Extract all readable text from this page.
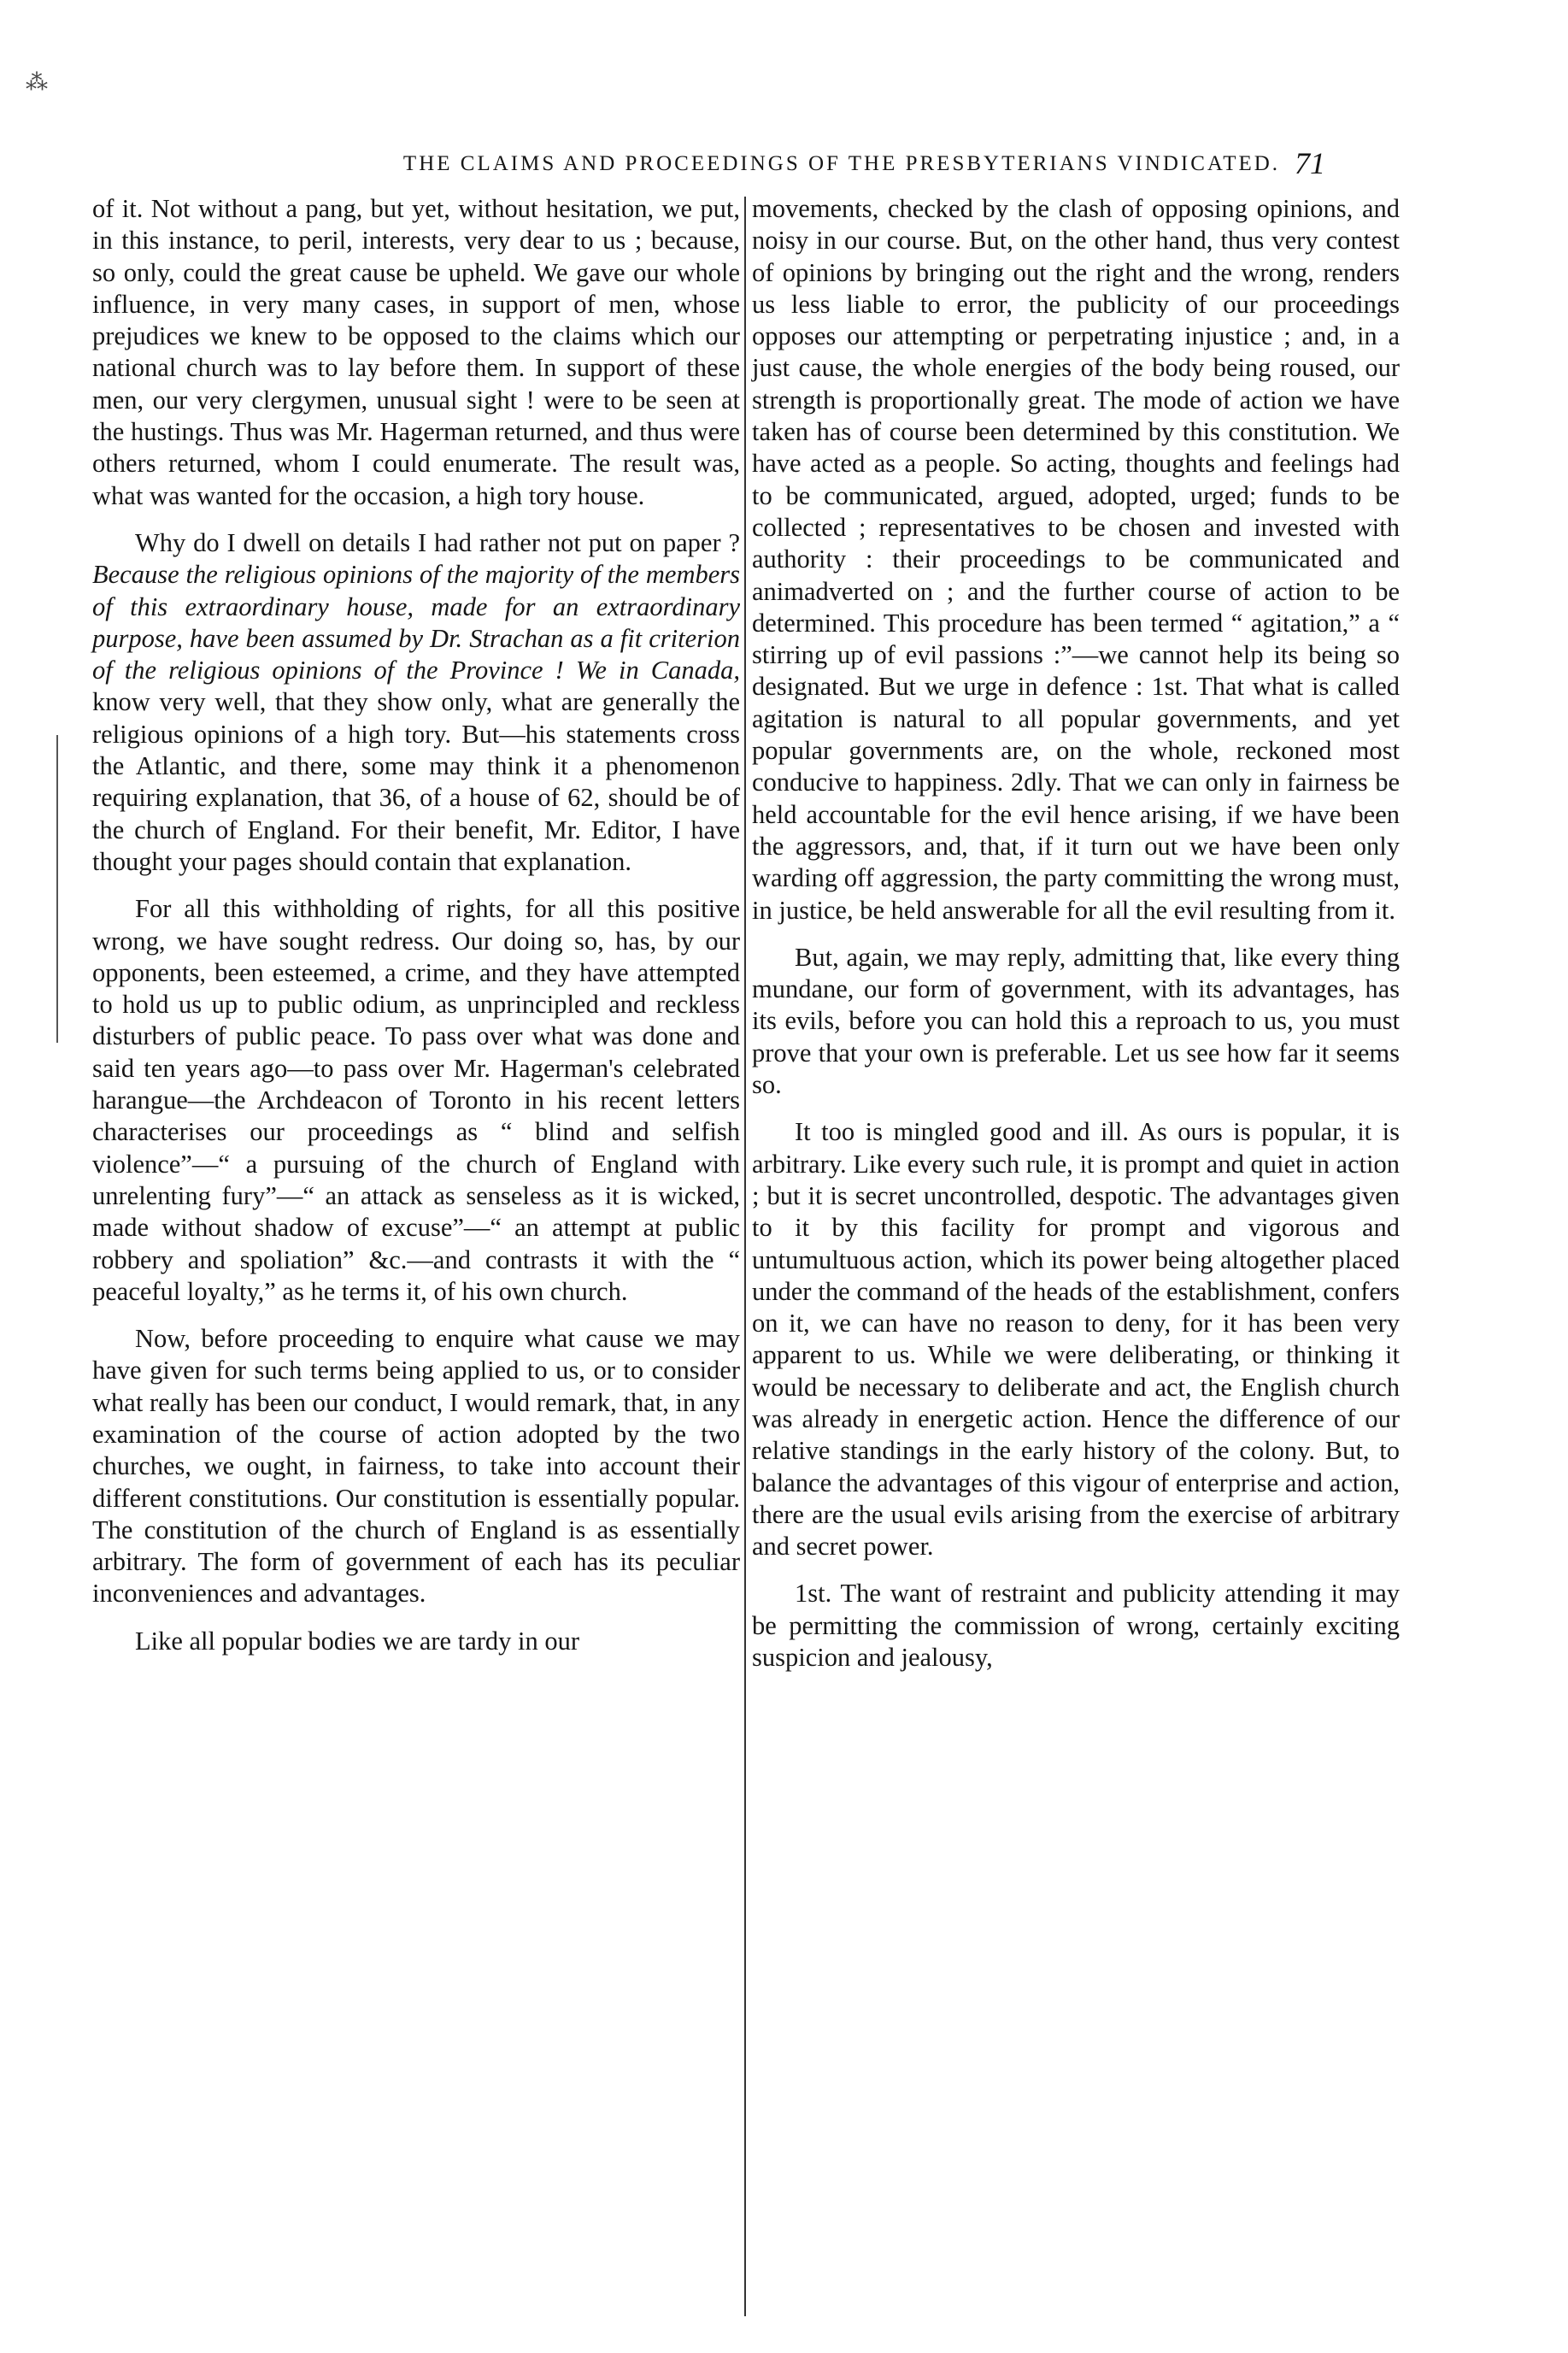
⁂
THE CLAIMS AND PROCEEDINGS OF THE PRESBYTERIANS VINDICATED. 71

of it. Not without a pang, but yet, without hesitation, we put, in this instance, to peril, interests, very dear to us ; because, so only, could the great cause be upheld. We gave our whole influence, in very many cases, in support of men, whose prejudices we knew to be opposed to the claims which our national church was to lay before them. In support of these men, our very clergymen, unusual sight ! were to be seen at the hustings. Thus was Mr. Hagerman returned, and thus were others returned, whom I could enumerate. The result was, what was wanted for the occasion, a high tory house.

Why do I dwell on details I had rather not put on paper ? Because the religious opinions of the majority of the members of this extraordinary house, made for an extraordinary purpose, have been assumed by Dr. Strachan as a fit criterion of the religious opinions of the Province ! We in Canada, know very well, that they show only, what are generally the religious opinions of a high tory. But—his statements cross the Atlantic, and there, some may think it a phenomenon requiring explanation, that 36, of a house of 62, should be of the church of England. For their benefit, Mr. Editor, I have thought your pages should contain that explanation.

For all this withholding of rights, for all this positive wrong, we have sought redress. Our doing so, has, by our opponents, been esteemed, a crime, and they have attempted to hold us up to public odium, as unprincipled and reckless disturbers of public peace. To pass over what was done and said ten years ago—to pass over Mr. Hagerman's celebrated harangue—the Archdeacon of Toronto in his recent letters characterises our proceedings as “ blind and selfish violence”—“ a pursuing of the church of England with unrelenting fury”—“ an attack as senseless as it is wicked, made without shadow of excuse”—“ an attempt at public robbery and spoliation” &c.—and contrasts it with the “ peaceful loyalty,” as he terms it, of his own church.

Now, before proceeding to enquire what cause we may have given for such terms being applied to us, or to consider what really has been our conduct, I would remark, that, in any examination of the course of action adopted by the two churches, we ought, in fairness, to take into account their different constitutions. Our constitution is essentially popular. The constitution of the church of England is as essentially arbitrary. The form of government of each has its peculiar inconveniences and advantages.

Like all popular bodies we are tardy in our

movements, checked by the clash of opposing opinions, and noisy in our course. But, on the other hand, thus very contest of opinions by bringing out the right and the wrong, renders us less liable to error, the publicity of our proceedings opposes our attempting or perpetrating injustice ; and, in a just cause, the whole energies of the body being roused, our strength is proportionally great. The mode of action we have taken has of course been determined by this constitution. We have acted as a people. So acting, thoughts and feelings had to be communicated, argued, adopted, urged; funds to be collected ; representatives to be chosen and invested with authority : their proceedings to be communicated and animadverted on ; and the further course of action to be determined. This procedure has been termed “ agitation,” a “ stirring up of evil passions :”—we cannot help its being so designated. But we urge in defence : 1st. That what is called agitation is natural to all popular governments, and yet popular governments are, on the whole, reckoned most conducive to happiness. 2dly. That we can only in fairness be held accountable for the evil hence arising, if we have been the aggressors, and, that, if it turn out we have been only warding off aggression, the party committing the wrong must, in justice, be held answerable for all the evil resulting from it.

But, again, we may reply, admitting that, like every thing mundane, our form of government, with its advantages, has its evils, before you can hold this a reproach to us, you must prove that your own is preferable. Let us see how far it seems so.

It too is mingled good and ill. As ours is popular, it is arbitrary. Like every such rule, it is prompt and quiet in action ; but it is secret uncontrolled, despotic. The advantages given to it by this facility for prompt and vigorous and untumultuous action, which its power being altogether placed under the command of the heads of the establishment, confers on it, we can have no reason to deny, for it has been very apparent to us. While we were deliberating, or thinking it would be necessary to deliberate and act, the English church was already in energetic action. Hence the difference of our relative standings in the early history of the colony. But, to balance the advantages of this vigour of enterprise and action, there are the usual evils arising from the exercise of arbitrary and secret power.

1st. The want of restraint and publicity attending it may be permitting the commission of wrong, certainly exciting suspicion and jealousy,
